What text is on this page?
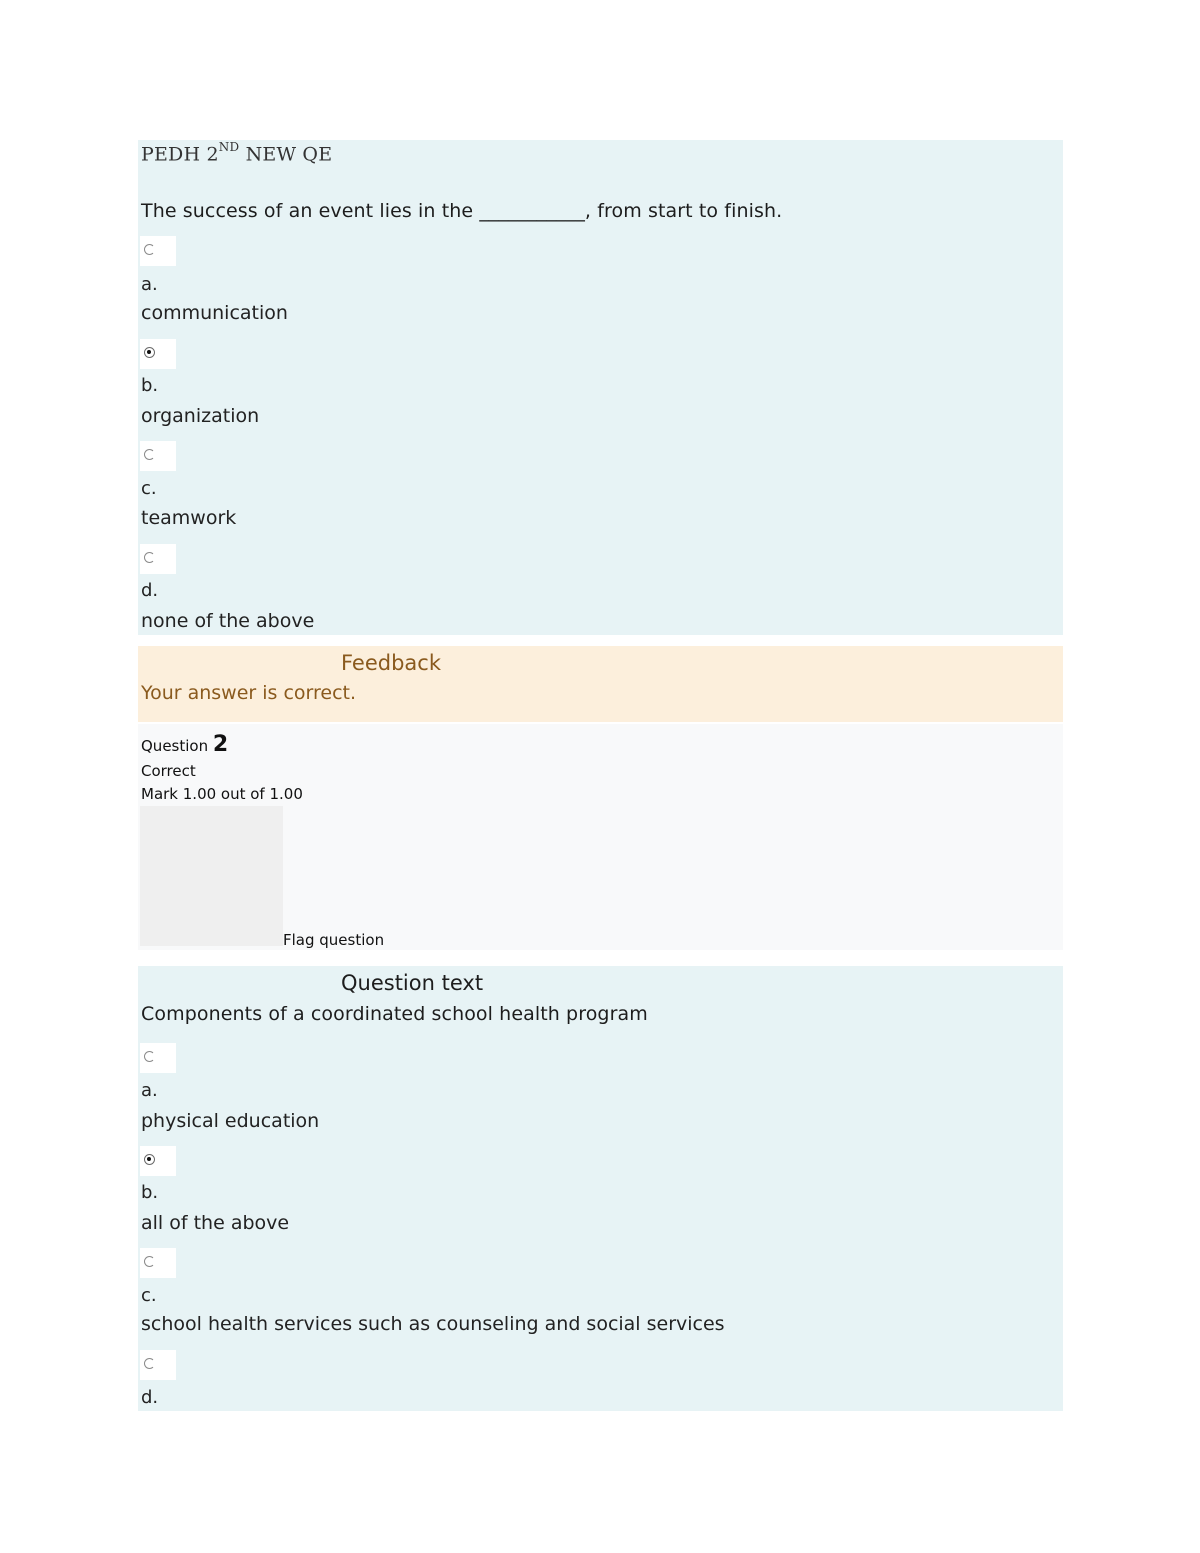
PEDH 2ND NEW QE
The success of an event lies in the ___________, from start to finish.
a.
communication
b.
organization
c.
teamwork
d.
none of the above
Feedback
Your answer is correct.
Question 2
Correct
Mark 1.00 out of 1.00
Flag question
Question text
Components of a coordinated school health program
a.
physical education
b.
all of the above
c.
school health services such as counseling and social services
d.
